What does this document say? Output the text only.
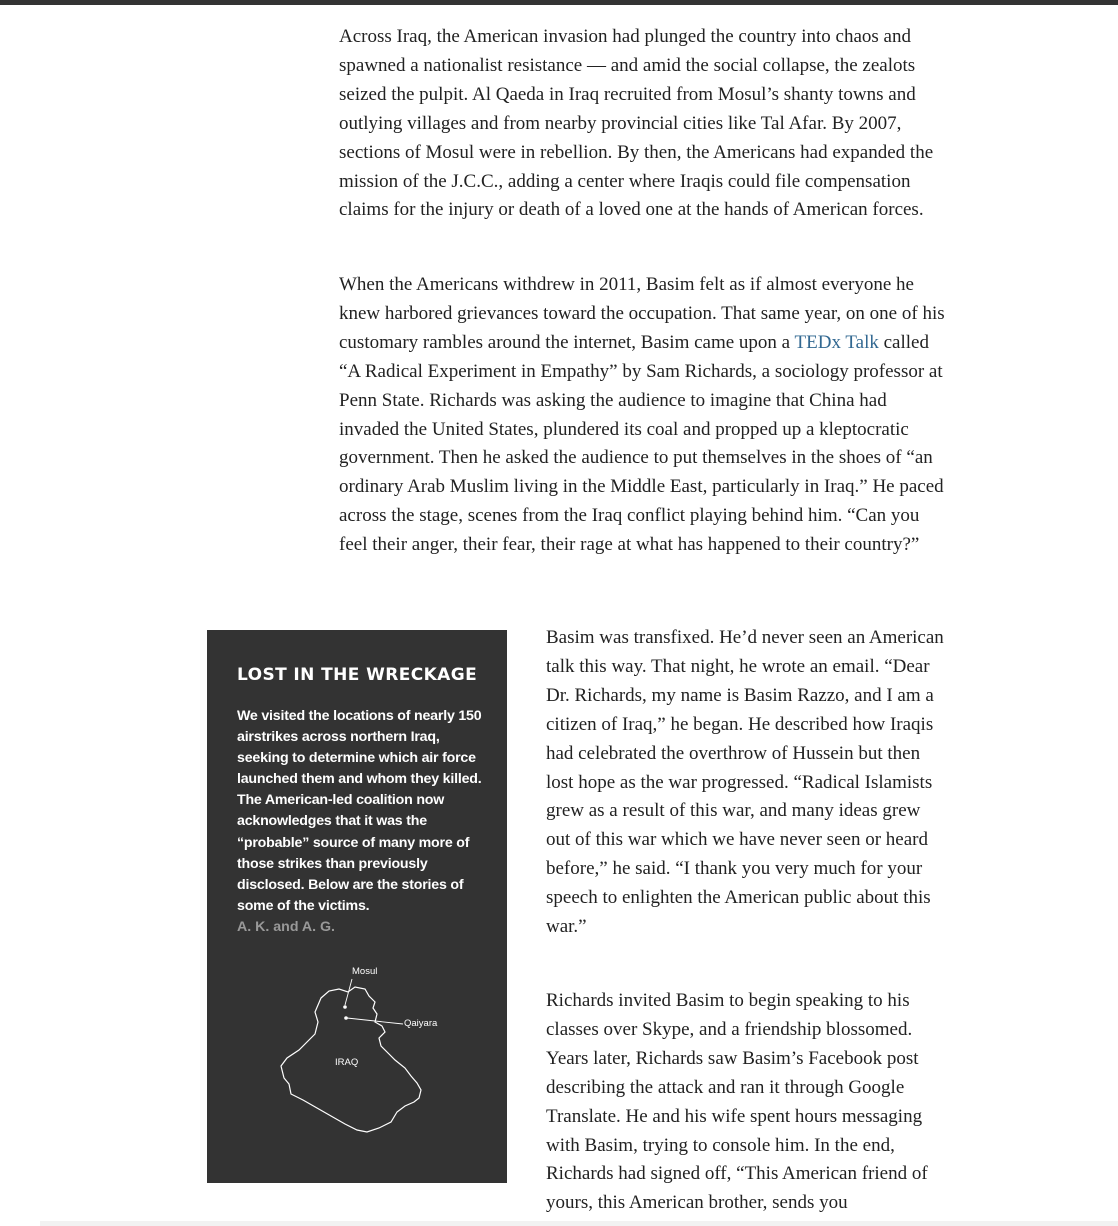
Across Iraq, the American invasion had plunged the country into chaos and spawned a nationalist resistance — and amid the social collapse, the zealots seized the pulpit. Al Qaeda in Iraq recruited from Mosul’s shanty towns and outlying villages and from nearby provincial cities like Tal Afar. By 2007, sections of Mosul were in rebellion. By then, the Americans had expanded the mission of the J.C.C., adding a center where Iraqis could file compensation claims for the injury or death of a loved one at the hands of American forces.

When the Americans withdrew in 2011, Basim felt as if almost everyone he knew harbored grievances toward the occupation. That same year, on one of his customary rambles around the internet, Basim came upon a TEDx Talk called “A Radical Experiment in Empathy” by Sam Richards, a sociology professor at Penn State. Richards was asking the audience to imagine that China had invaded the United States, plundered its coal and propped up a kleptocratic government. Then he asked the audience to put themselves in the shoes of “an ordinary Arab Muslim living in the Middle East, particularly in Iraq.” He paced across the stage, scenes from the Iraq conflict playing behind him. “Can you feel their anger, their fear, their rage at what has happened to their country?”

LOST IN THE WRECKAGE

We visited the locations of nearly 150 airstrikes across northern Iraq, seeking to determine which air force launched them and whom they killed. The American-led coalition now acknowledges that it was the “probable” source of many more of those strikes than previously disclosed. Below are the stories of some of the victims.

A. K. and A. G.

Mosul
Qaiyara
IRAQ

Basim was transfixed. He’d never seen an American talk this way. That night, he wrote an email. “Dear Dr. Richards, my name is Basim Razzo, and I am a citizen of Iraq,” he began. He described how Iraqis had celebrated the overthrow of Hussein but then lost hope as the war progressed. “Radical Islamists grew as a result of this war, and many ideas grew out of this war which we have never seen or heard before,” he said. “I thank you very much for your speech to enlighten the American public about this war.”

Richards invited Basim to begin speaking to his classes over Skype, and a friendship blossomed. Years later, Richards saw Basim’s Facebook post describing the attack and ran it through Google Translate. He and his wife spent hours messaging with Basim, trying to console him. In the end, Richards had signed off, “This American friend of yours, this American brother, sends you
